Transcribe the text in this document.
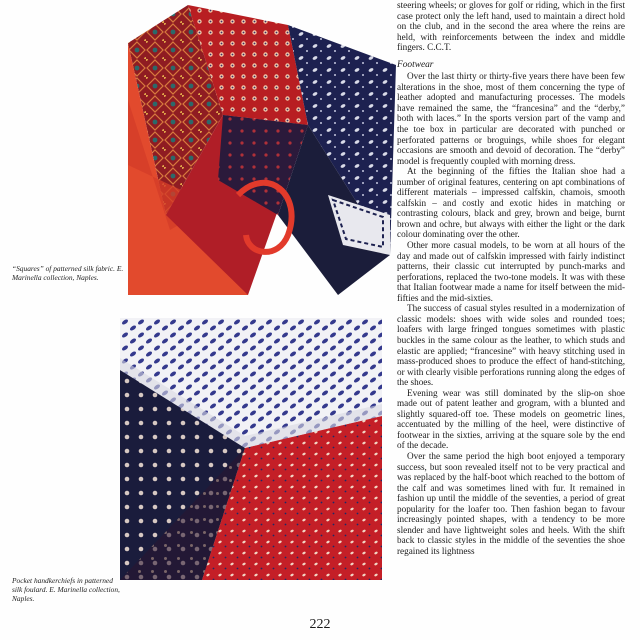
“Squares” of patterned silk fabric. E. Marinella collection, Naples.
Pocket handkerchiefs in patterned silk foulard. E. Marinella collection, Naples.

steering wheels; or gloves for golf or riding, which in the first case protect only the left hand, used to maintain a direct hold on the club, and in the second the area where the reins are held, with reinforcements between the index and middle fingers. C.C.T.

Footwear

Over the last thirty or thirty-five years there have been few alterations in the shoe, most of them concerning the type of leather adopted and manufacturing processes. The models have remained the same, the “francesina” and the “derby,” both with laces.” In the sports version part of the vamp and the toe box in particular are decorated with punched or perforated patterns or broguings, while shoes for elegant occasions are smooth and devoid of decoration. The “derby” model is frequently coupled with morning dress.

At the beginning of the fifties the Italian shoe had a number of original features, centering on apt combinations of different materials – impressed calfskin, chamois, smooth calfskin – and costly and exotic hides in matching or contrasting colours, black and grey, brown and beige, burnt brown and ochre, but always with either the light or the dark colour dominating over the other.

Other more casual models, to be worn at all hours of the day and made out of calfskin impressed with fairly indistinct patterns, their classic cut interrupted by punch-marks and perforations, replaced the two-tone models. It was with these that Italian footwear made a name for itself between the mid-fifties and the mid-sixties.

The success of casual styles resulted in a modernization of classic models: shoes with wide soles and rounded toes; loafers with large fringed tongues sometimes with plastic buckles in the same colour as the leather, to which studs and elastic are applied; “francesine” with heavy stitching used in mass-produced shoes to produce the effect of hand-stitching, or with clearly visible perforations running along the edges of the shoes.

Evening wear was still dominated by the slip-on shoe made out of patent leather and grogram, with a blunted and slightly squared-off toe. These models on geometric lines, accentuated by the milling of the heel, were distinctive of footwear in the sixties, arriving at the square sole by the end of the decade.

Over the same period the high boot enjoyed a temporary success, but soon revealed itself not to be very practical and was replaced by the half-boot which reached to the bottom of the calf and was sometimes lined with fur. It remained in fashion up until the middle of the seventies, a period of great popularity for the loafer too. Then fashion began to favour increasingly pointed shapes, with a tendency to be more slender and have lightweight soles and heels. With the shift back to classic styles in the middle of the seventies the shoe regained its lightness

222
